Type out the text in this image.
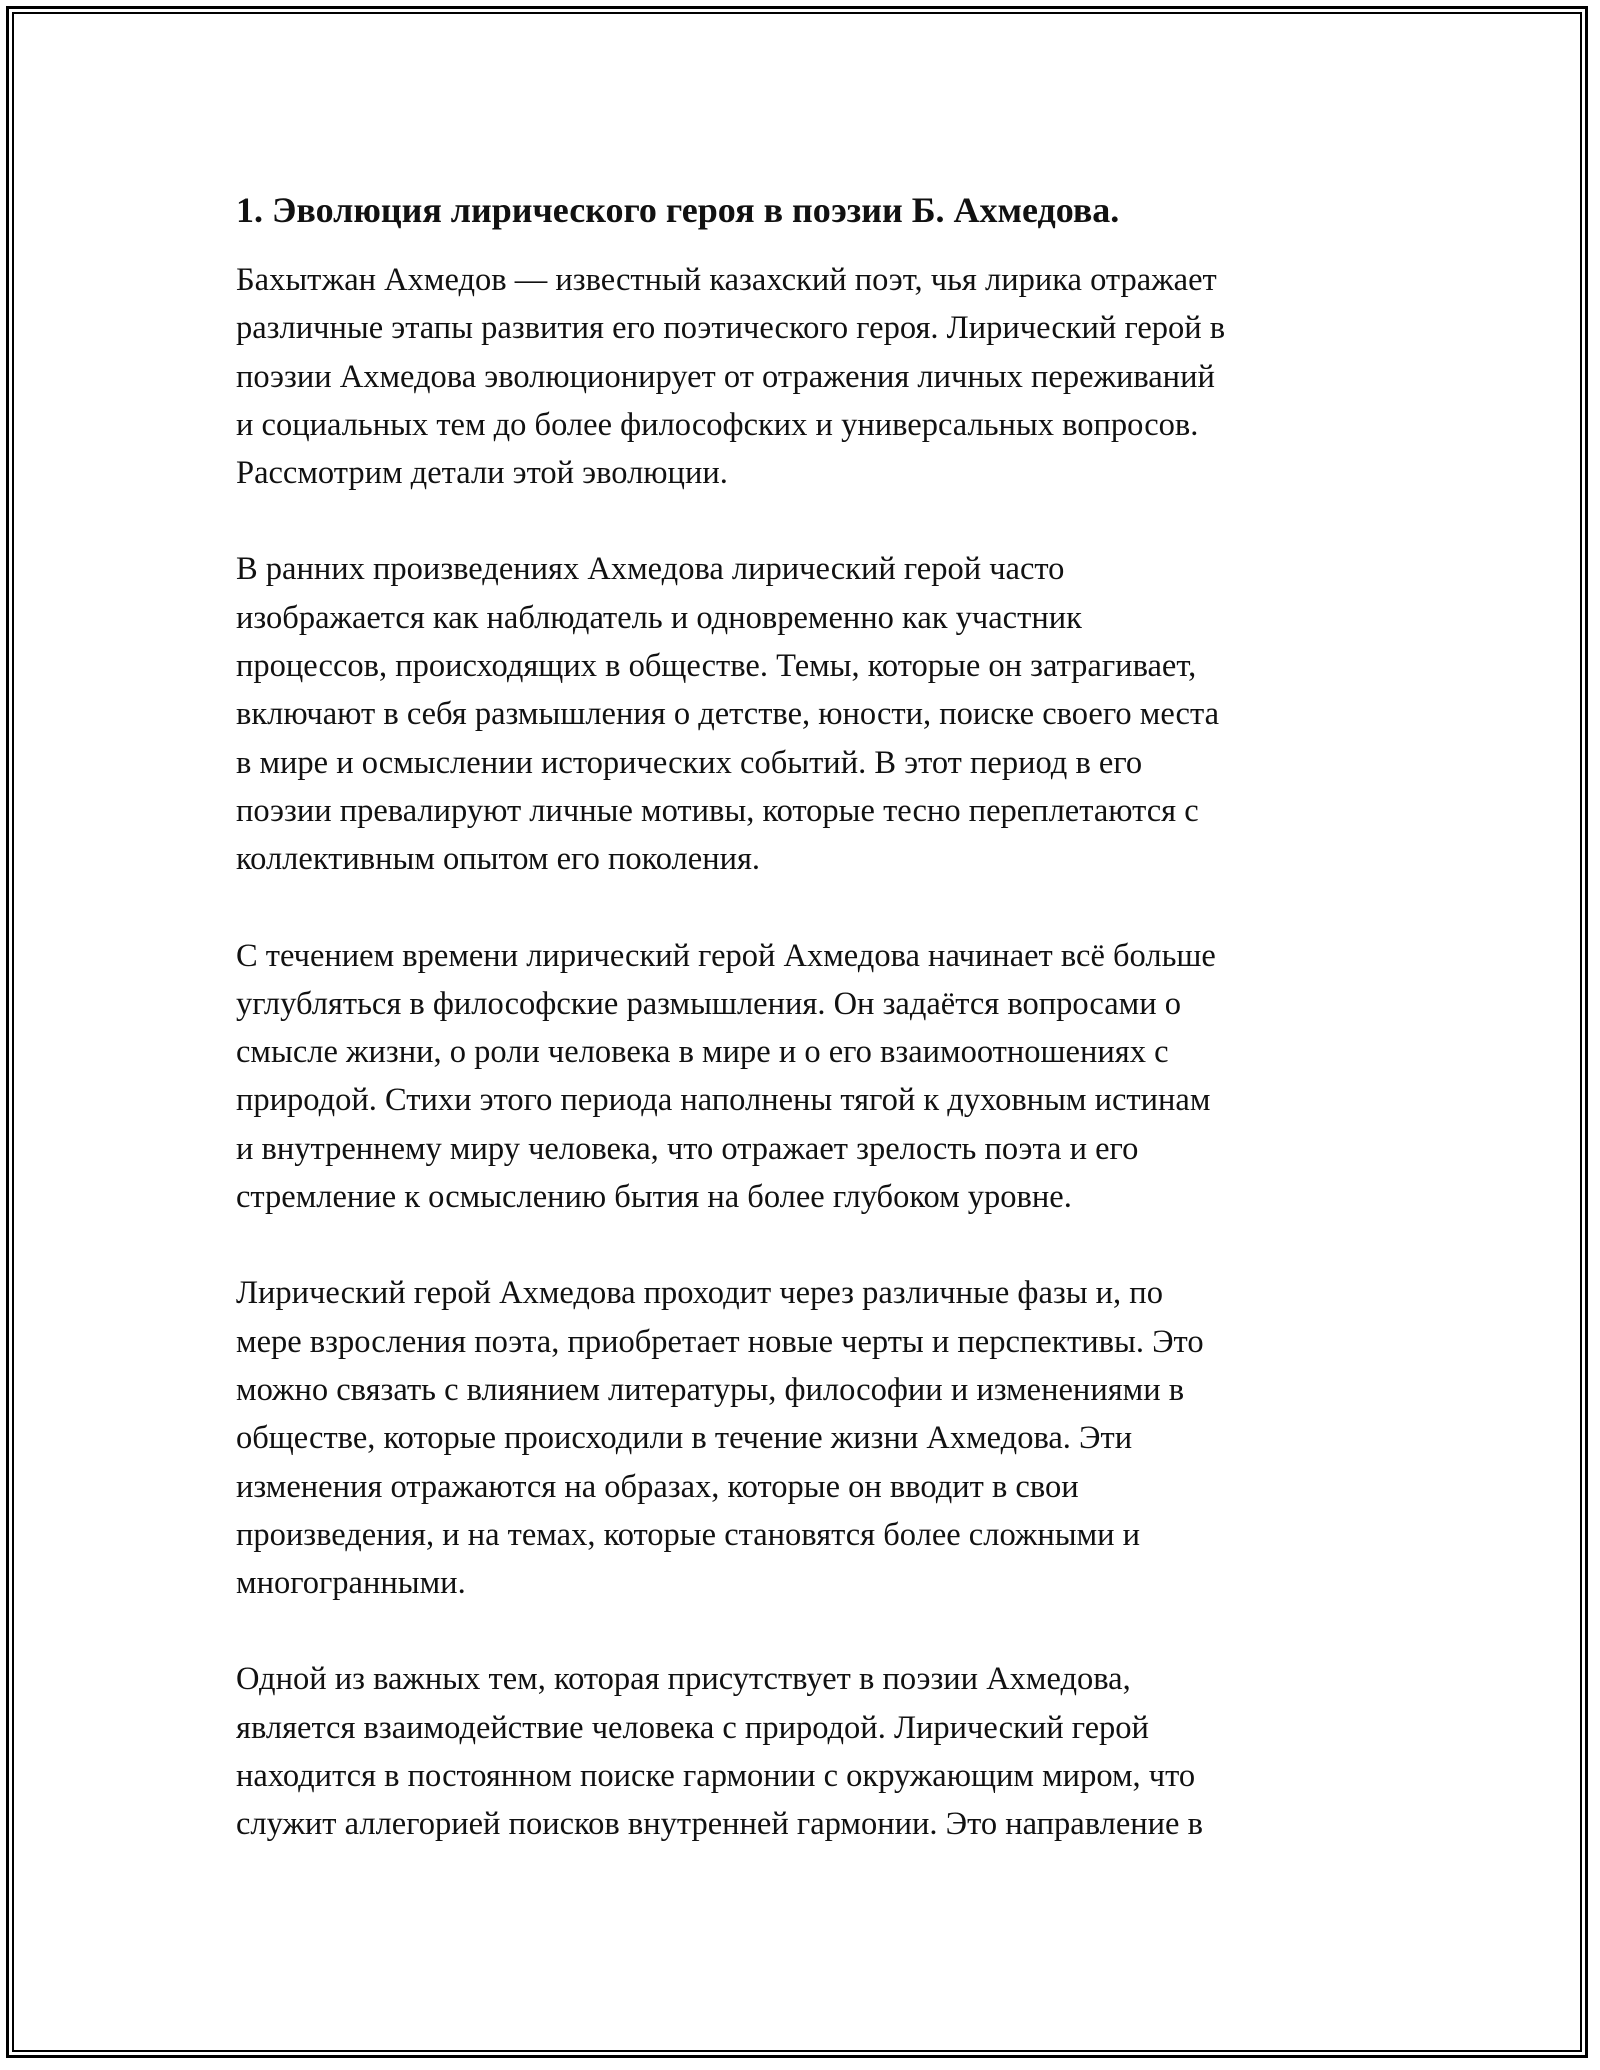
1. Эволюция лирического героя в поэзии Б. Ахмедова.
Бахытжан Ахмедов — известный казахский поэт, чья лирика отражает
различные этапы развития его поэтического героя. Лирический герой в
поэзии Ахмедова эволюционирует от отражения личных переживаний
и социальных тем до более философских и универсальных вопросов.
Рассмотрим детали этой эволюции.
В ранних произведениях Ахмедова лирический герой часто
изображается как наблюдатель и одновременно как участник
процессов, происходящих в обществе. Темы, которые он затрагивает,
включают в себя размышления о детстве, юности, поиске своего места
в мире и осмыслении исторических событий. В этот период в его
поэзии превалируют личные мотивы, которые тесно переплетаются с
коллективным опытом его поколения.
С течением времени лирический герой Ахмедова начинает всё больше
углубляться в философские размышления. Он задаётся вопросами о
смысле жизни, о роли человека в мире и о его взаимоотношениях с
природой. Стихи этого периода наполнены тягой к духовным истинам
и внутреннему миру человека, что отражает зрелость поэта и его
стремление к осмыслению бытия на более глубоком уровне.
Лирический герой Ахмедова проходит через различные фазы и, по
мере взросления поэта, приобретает новые черты и перспективы. Это
можно связать с влиянием литературы, философии и изменениями в
обществе, которые происходили в течение жизни Ахмедова. Эти
изменения отражаются на образах, которые он вводит в свои
произведения, и на темах, которые становятся более сложными и
многогранными.
Одной из важных тем, которая присутствует в поэзии Ахмедова,
является взаимодействие человека с природой. Лирический герой
находится в постоянном поиске гармонии с окружающим миром, что
служит аллегорией поисков внутренней гармонии. Это направление в
